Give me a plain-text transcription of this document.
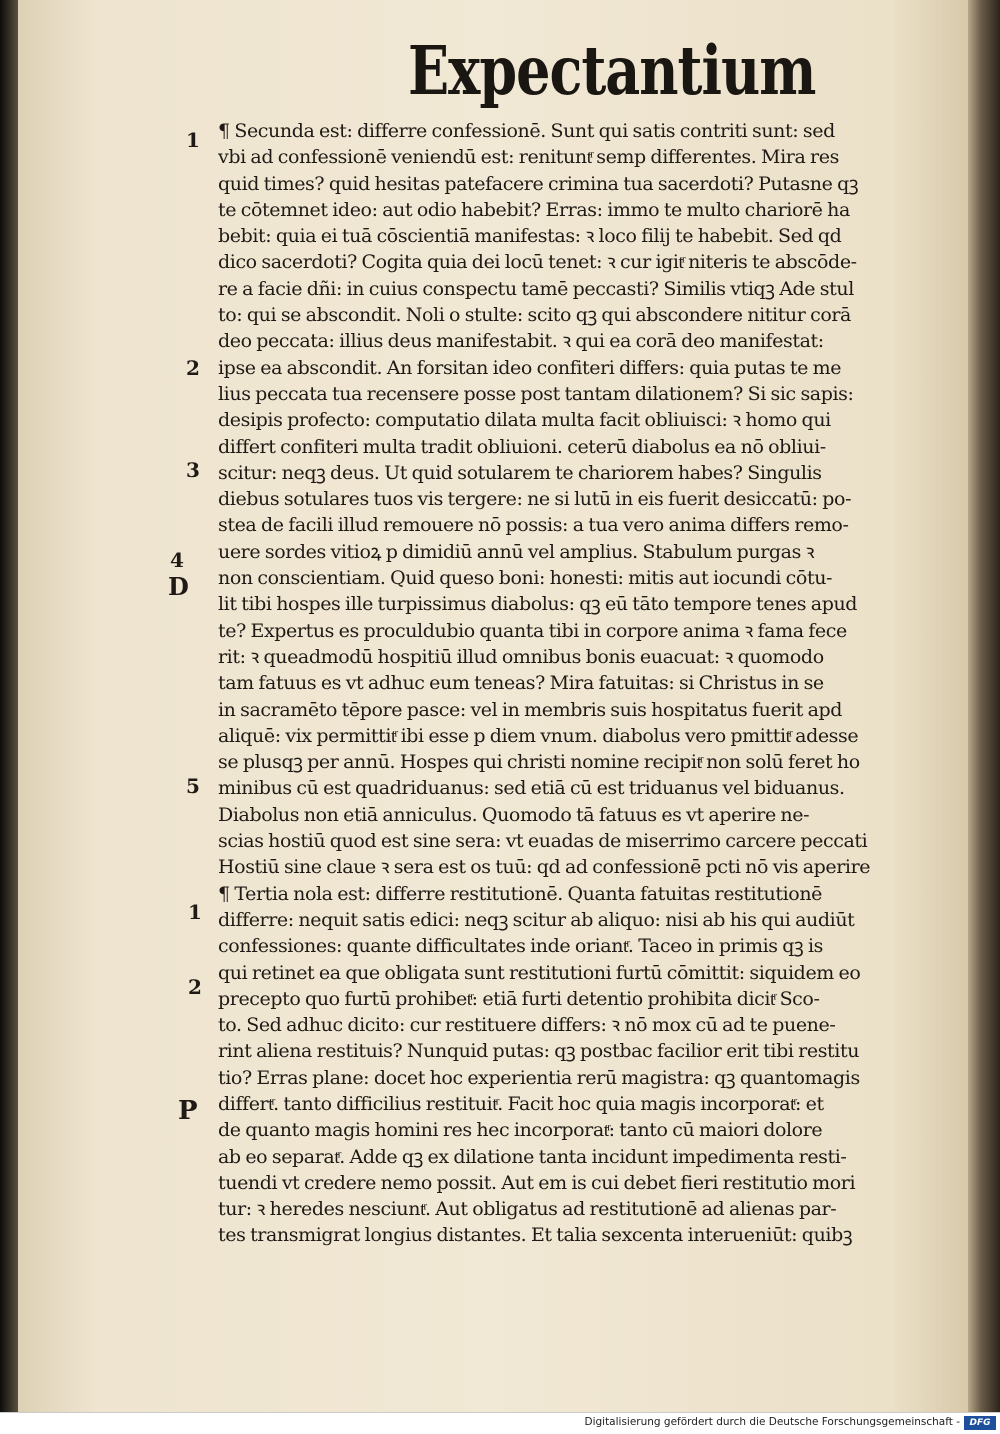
Expectantium
1
2
3
4
D
5
1
2
P
¶ Secunda est: differre confessionē. Sunt qui satis contriti sunt: sed
vbi ad confessionē veniendū est: renituntͬ semp differentes. Mira res
quid times? quid hesitas patefacere crimina tua sacerdoti? Putasne qꝫ
te cōtemnet ideo: aut odio habebit? Erras: immo te multo chariorē ha
bebit: quia ei tuā cōscientiā manifestas: ꝛ loco filij te habebit. Sed qd
dico sacerdoti? Cogita quia dei locū tenet: ꝛ cur igitͬ niteris te abscōde-
re a facie dñi: in cuius conspectu tamē peccasti? Similis vtiqꝫ Ade stul
to: qui se abscondit. Noli o stulte: scito qꝫ qui abscondere nititur corā
deo peccata: illius deus manifestabit. ꝛ qui ea corā deo manifestat:
ipse ea abscondit. An forsitan ideo confiteri differs: quia putas te me
lius peccata tua recensere posse post tantam dilationem? Si sic sapis:
desipis profecto: computatio dilata multa facit obliuisci: ꝛ homo qui
differt confiteri multa tradit obliuioni. ceterū diabolus ea nō obliui-
scitur: neqꝫ deus. Ut quid sotularem te chariorem habes? Singulis
diebus sotulares tuos vis tergere: ne si lutū in eis fuerit desiccatū: po-
stea de facili illud remouere nō possis: a tua vero anima differs remo-
uere sordes vitioꝝ p dimidiū annū vel amplius. Stabulum purgas ꝛ
non conscientiam. Quid queso boni: honesti: mitis aut iocundi cōtu-
lit tibi hospes ille turpissimus diabolus: qꝫ eū tāto tempore tenes apud
te? Expertus es proculdubio quanta tibi in corpore anima ꝛ fama fece
rit: ꝛ queadmodū hospitiū illud omnibus bonis euacuat: ꝛ quomodo
tam fatuus es vt adhuc eum teneas? Mira fatuitas: si Christus in se
in sacramēto tēpore pasce: vel in membris suis hospitatus fuerit apd
aliquē: vix permittitͬ ibi esse p diem vnum. diabolus vero pmittitͬ adesse
se plusqꝫ per annū. Hospes qui christi nomine recipitͬ non solū feret ho
minibus cū est quadriduanus: sed etiā cū est triduanus vel biduanus.
Diabolus non etiā anniculus. Quomodo tā fatuus es vt aperire ne-
scias hostiū quod est sine sera: vt euadas de miserrimo carcere peccati
Hostiū sine claue ꝛ sera est os tuū: qd ad confessionē pcti nō vis aperire
¶ Tertia nola est: differre restitutionē. Quanta fatuitas restitutionē
differre: nequit satis edici: neqꝫ scitur ab aliquo: nisi ab his qui audiūt
confessiones: quante difficultates inde oriantͬ. Taceo in primis qꝫ is
qui retinet ea que obligata sunt restitutioni furtū cōmittit: siquidem eo
precepto quo furtū prohibetͬ: etiā furti detentio prohibita dicitͬ Sco-
to. Sed adhuc dicito: cur restituere differs: ꝛ nō mox cū ad te puene-
rint aliena restituis? Nunquid putas: qꝫ postbac facilior erit tibi restitu
tio? Erras plane: docet hoc experientia rerū magistra: qꝫ quantomagis
differtͬ. tanto difficilius restituitͬ. Facit hoc quia magis incorporatͬ: et
de quanto magis homini res hec incorporatͬ: tanto cū maiori dolore
ab eo separatͬ. Adde qꝫ ex dilatione tanta incidunt impedimenta resti-
tuendi vt credere nemo possit. Aut em is cui debet fieri restitutio mori
tur: ꝛ heredes nesciuntͬ. Aut obligatus ad restitutionē ad alienas par-
tes transmigrat longius distantes. Et talia sexcenta interueniūt: quibꝫ
Digitalisierung gefördert durch die Deutsche Forschungsgemeinschaft -	DFG
